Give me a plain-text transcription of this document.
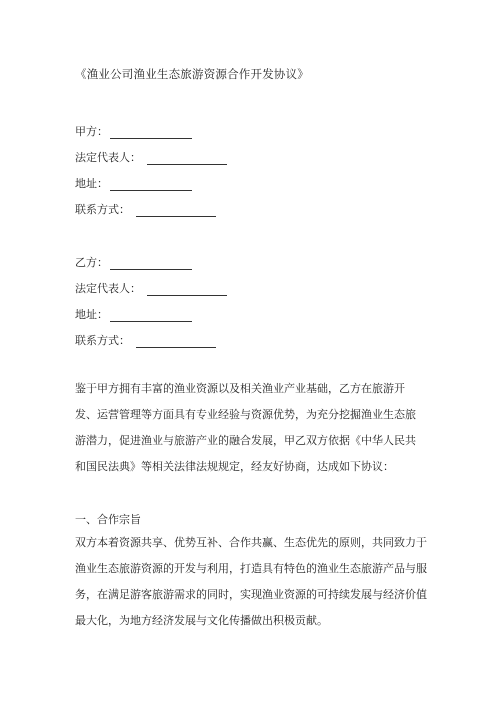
《渔业公司渔业生态旅游资源合作开发协议》
甲方：
法定代表人：
地址：
联系方式：
乙方：
法定代表人：
地址：
联系方式：
鉴于甲方拥有丰富的渔业资源以及相关渔业产业基础，乙方在旅游开
发、运营管理等方面具有专业经验与资源优势，为充分挖掘渔业生态旅
游潜力，促进渔业与旅游产业的融合发展，甲乙双方依据《中华人民共
和国民法典》等相关法律法规规定，经友好协商，达成如下协议：
一、合作宗旨
双方本着资源共享、优势互补、合作共赢、生态优先的原则，共同致力于
渔业生态旅游资源的开发与利用，打造具有特色的渔业生态旅游产品与服
务，在满足游客旅游需求的同时，实现渔业资源的可持续发展与经济价值
最大化，为地方经济发展与文化传播做出积极贡献。
